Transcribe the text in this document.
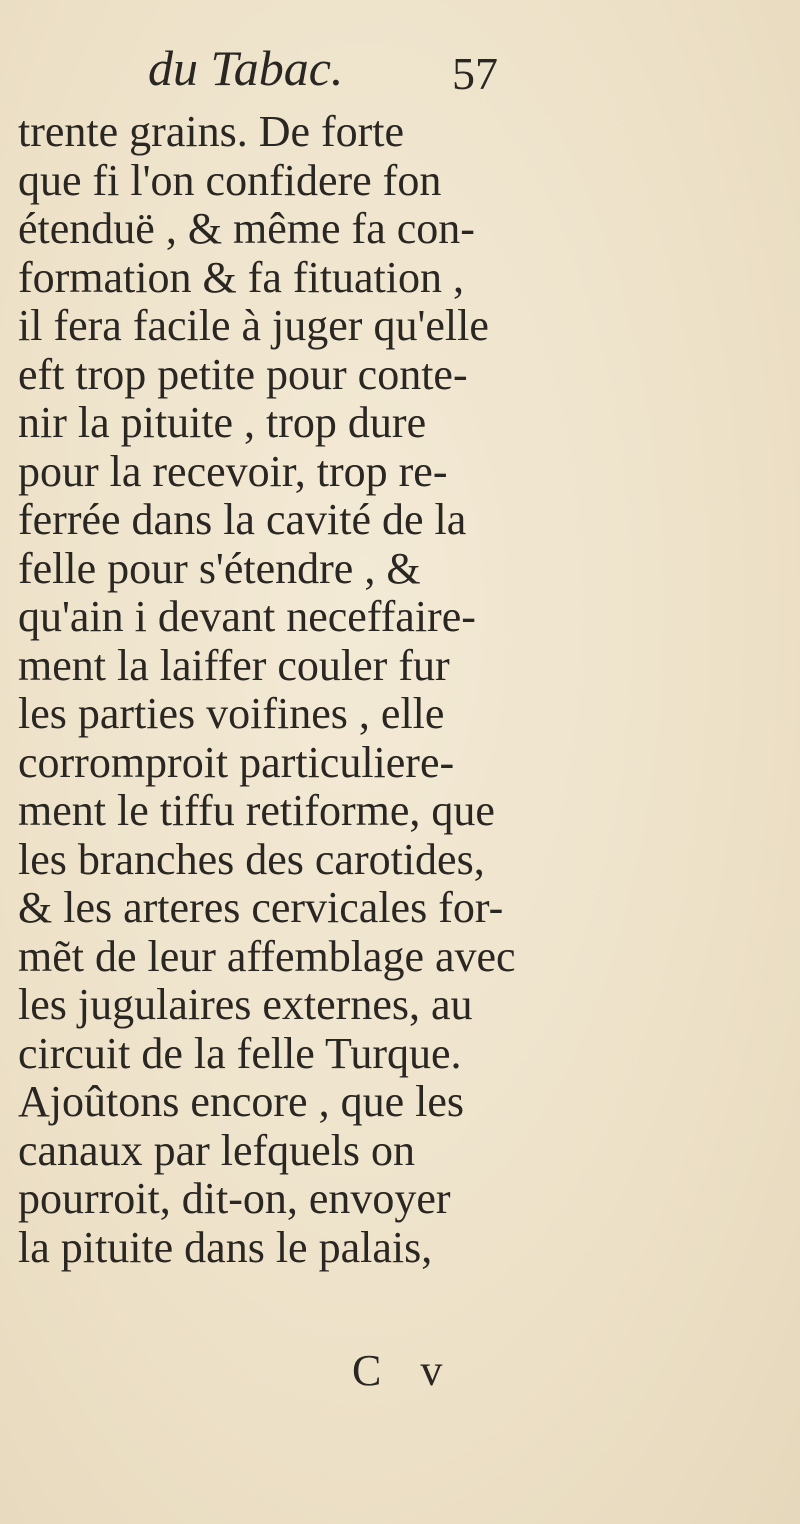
du Tabac. 57
trente grains. De forte
que fi l'on confidere fon
étenduë , & même fa con-
formation & fa fituation ,
il fera facile à juger qu'elle
eft trop petite pour conte-
nir la pituite , trop dure
pour la recevoir, trop re-
ferrée dans la cavité de la
felle pour s'étendre , &
qu'ain i devant neceffaire-
ment la laiffer couler fur
les parties voifines , elle
corromproit particuliere-
ment le tiffu retiforme, que
les branches des carotides,
& les arteres cervicales for-
mẽt de leur affemblage avec
les jugulaires externes, au
circuit de la felle Turque.
Ajoûtons encore , que les
canaux par lefquels on
pourroit, dit-on, envoyer
la pituite dans le palais,
C v
